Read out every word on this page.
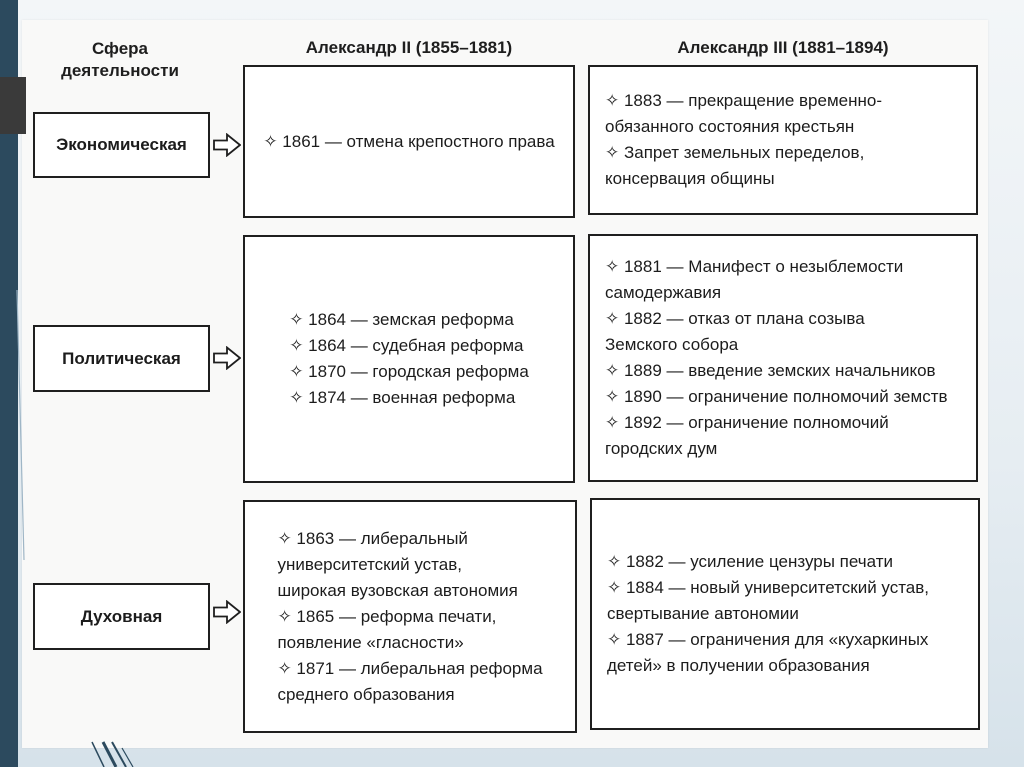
Сфера
деятельности
Александр II (1855–1881)	Александр III (1881–1894)
Экономическая	✧ 1861 — отмена крепостного права
✧ 1883 — прекращение временно-
обязанного состояния крестьян
✧ Запрет земельных переделов,
консервация общины
Политическая
✧ 1864 — земская реформа
✧ 1864 — судебная реформа
✧ 1870 — городская реформа
✧ 1874 — военная реформа
✧ 1881 — Манифест о незыблемости
самодержавия
✧ 1882 — отказ от плана созыва
Земского собора
✧ 1889 — введение земских начальников
✧ 1890 — ограничение полномочий земств
✧ 1892 — ограничение полномочий
городских дум
Духовная
✧ 1863 — либеральный
университетский устав,
широкая вузовская автономия
✧ 1865 — реформа печати,
появление «гласности»
✧ 1871 — либеральная реформа
среднего образования
✧ 1882 — усиление цензуры печати
✧ 1884 — новый университетский устав,
свертывание автономии
✧ 1887 — ограничения для «кухаркиных
детей» в получении образования
